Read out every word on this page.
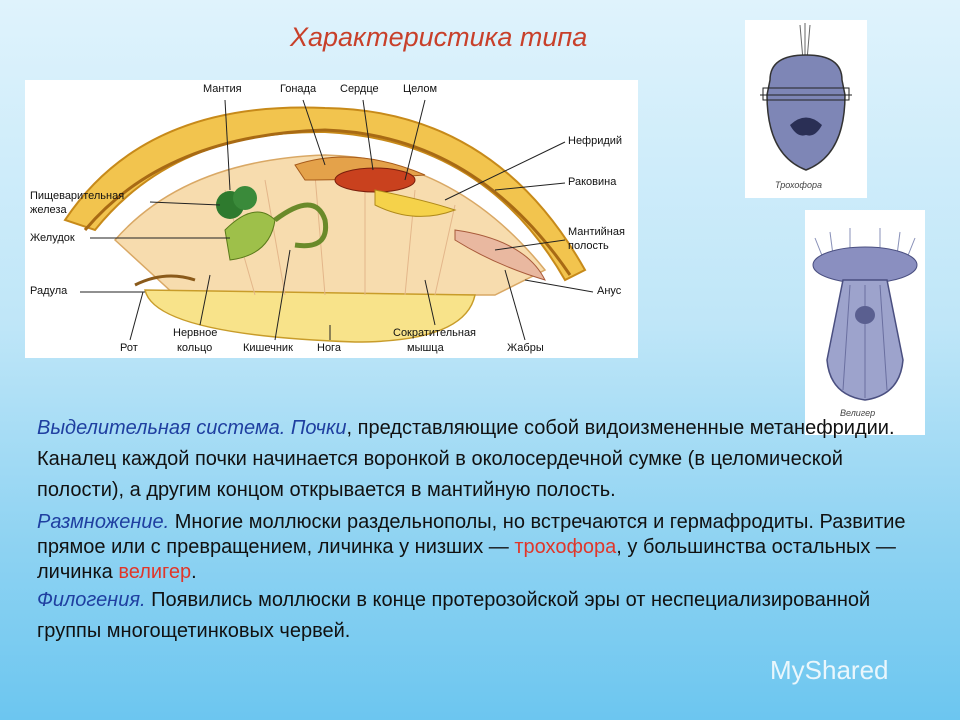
Характеристика типа
Мантия	Гонада Сердце Целом
Нефридий
Раковина
Пищеварительная
железа
Желудок	Мантийная
полость
Радула	Анус
Рот
Нервное
кольцо	Кишечник Нога
Сократительная
мышца	Жабры
Трохофора
Велигер

Выделительная система. Почки, представляющие собой видоизмененные метанефридии. Каналец каждой почки начинается воронкой в околосердечной сумке (в целомической полости), а другим концом открывается в мантийную полость.

Размножение. Многие моллюски раздельнополы, но встречаются и гермафродиты. Развитие прямое или с превращением, личинка у низших — трохофора, у большинства остальных — личинка велигер.

Филогения. Появились моллюски в конце протерозойской эры от неспециализированной группы многощетинковых червей.

MyShared
